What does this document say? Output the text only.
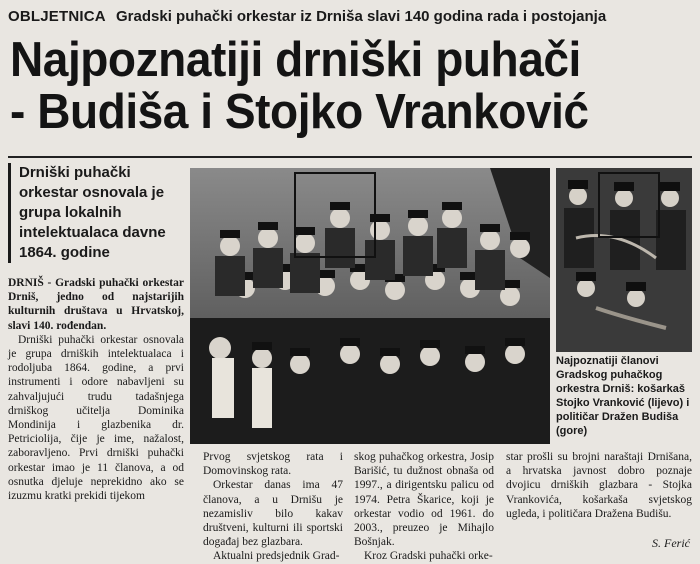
OBLJETNICA Gradski puhački orkestar iz Drniša slavi 140 godina rada i postojanja
Najpoznatiji drniški puhači
- Budiša i Stojko Vranković
Drniški puhački orkestar osnovala je grupa lokalnih intelektualaca davne 1864. godine
Najpoznatiji članovi Gradskog puhačkog orkestra Drniš: košarkaš Stojko Vranković (lijevo) i političar Dražen Budiša (gore)

DRNIŠ - Gradski puhački orkestar Drniš, jedno od najstarijih kulturnih društava u Hrvatskoj, slavi 140. rođendan.

Drniški puhački orkestar osnovala je grupa drniških intelektualaca i rodoljuba 1864. godine, a prvi instrumenti i odore nabavljeni su zahvaljujući trudu tadašnjega drniškog učitelja Dominika Mondinija i glazbenika dr. Petriciolija, čije je ime, nažalost, zaboravljeno. Prvi drniški puhački orkestar imao je 11 članova, a od osnutka djeluje neprekidno ako se izuzmu kratki prekidi tijekom

Prvog svjetskog rata i Domovinskog rata.

Orkestar danas ima 47 članova, a u Drnišu je nezamisliv bilo kakav društveni, kulturni ili sportski događaj bez glazbara.

Aktualni predsjednik Grad-

skog puhačkog orkestra, Josip Barišić, tu dužnost obnaša od 1997., a dirigentsku palicu od 1974. Petra Škarice, koji je orkestar vodio od 1961. do 2003., preuzeo je Mihajlo Bošnjak.

Kroz Gradski puhački orke-

star prošli su brojni naraštaji Drnišana, a hrvatska javnost dobro poznaje dvojicu drniških glazbara - Stojka Vrankovića, košarkaša svjetskog ugleda, i političara Dražena Budišu.

S. Ferić
